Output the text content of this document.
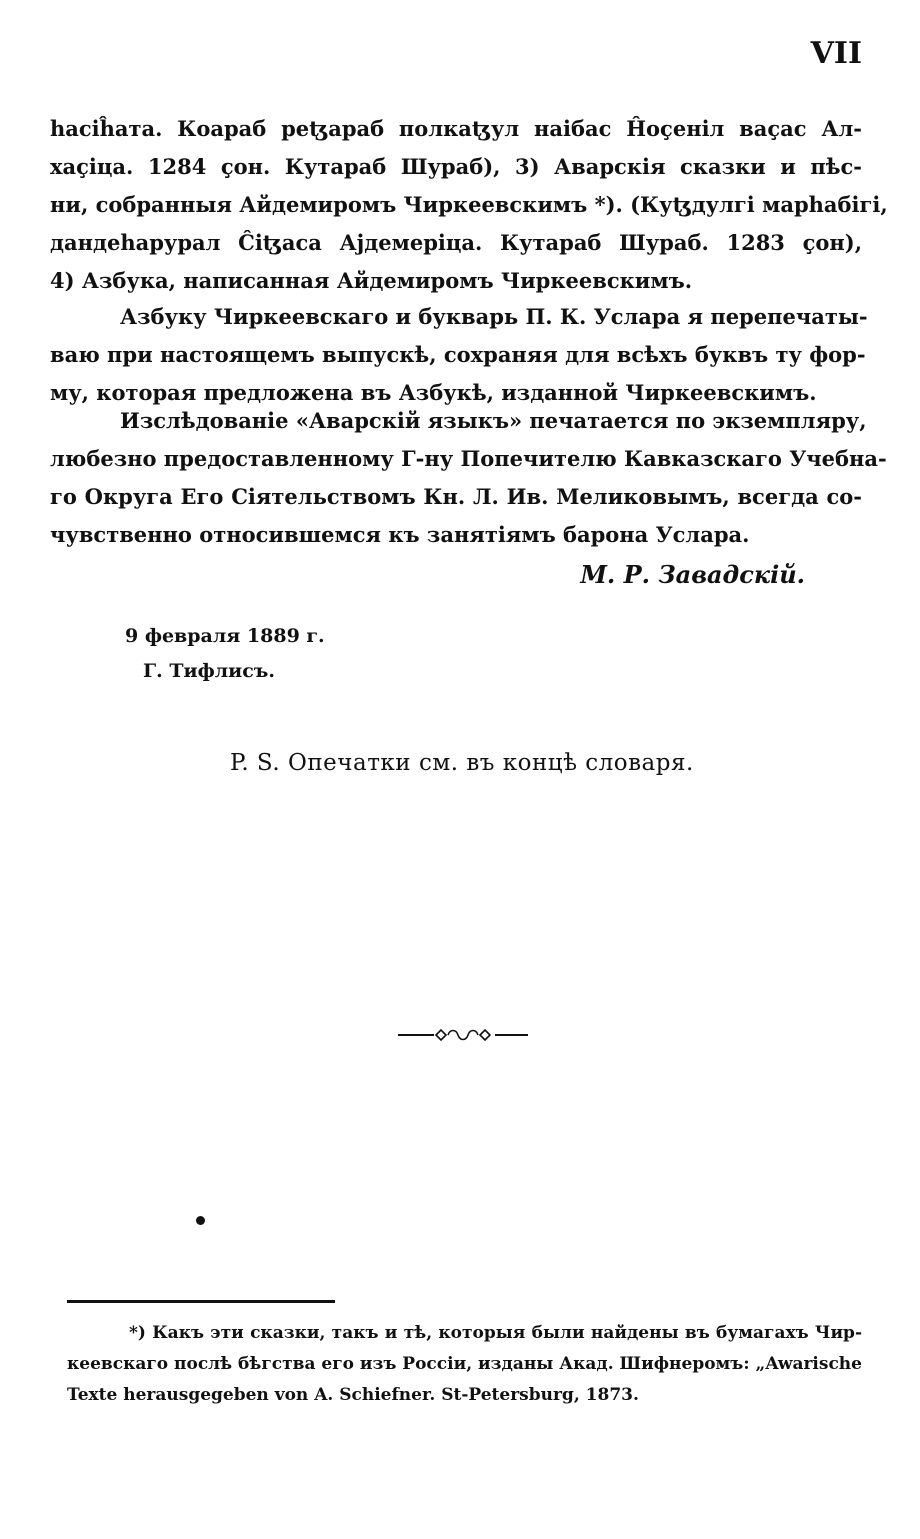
VII
hасiĥата. Коараб реꜩараб полкаꜩул наiбас Ĥоçенiл ваçас Ал-
хаçiца. 1284 çон. Кутараб Шураб), 3) Аварскiя сказки и пѣс-
ни, собранныя Айдемиромъ Чиркеевскимъ *). (Куꜩдулгi марhабiгi,
дандеhарурал Ĉiꜩаса Аjдемерiца. Кутараб Шураб. 1283 çон),
4) Азбука, написанная Айдемиромъ Чиркеевскимъ.
Азбуку Чиркеевскаго и букварь П. К. Услара я перепечаты-
ваю при настоящемъ выпускѣ, сохраняя для всѣхъ буквъ ту фор-
му, которая предложена въ Азбукѣ, изданной Чиркеевскимъ.
Изслѣдованiе «Аварскiй языкъ» печатается по экземпляру,
любезно предоставленному Г-ну Попечителю Кавказскаго Учебна-
го Округа Его Сiятельствомъ Кн. Л. Ив. Меликовымъ, всегда со-
чувственно относившемся къ занятiямъ барона Услара.
М. Р. Завадскiй.
9 февраля 1889 г.
Г. Тифлисъ.
P. S. Опечатки см. въ концѣ словаря.
*) Какъ эти сказки, такъ и тѣ, которыя были найдены въ бумагахъ Чир-
кеевскаго послѣ бѣгства его изъ Россiи, изданы Акад. Шифнеромъ: „Awarische
Texte herausgegeben von A. Schiefner. St-Petersburg, 1873.
